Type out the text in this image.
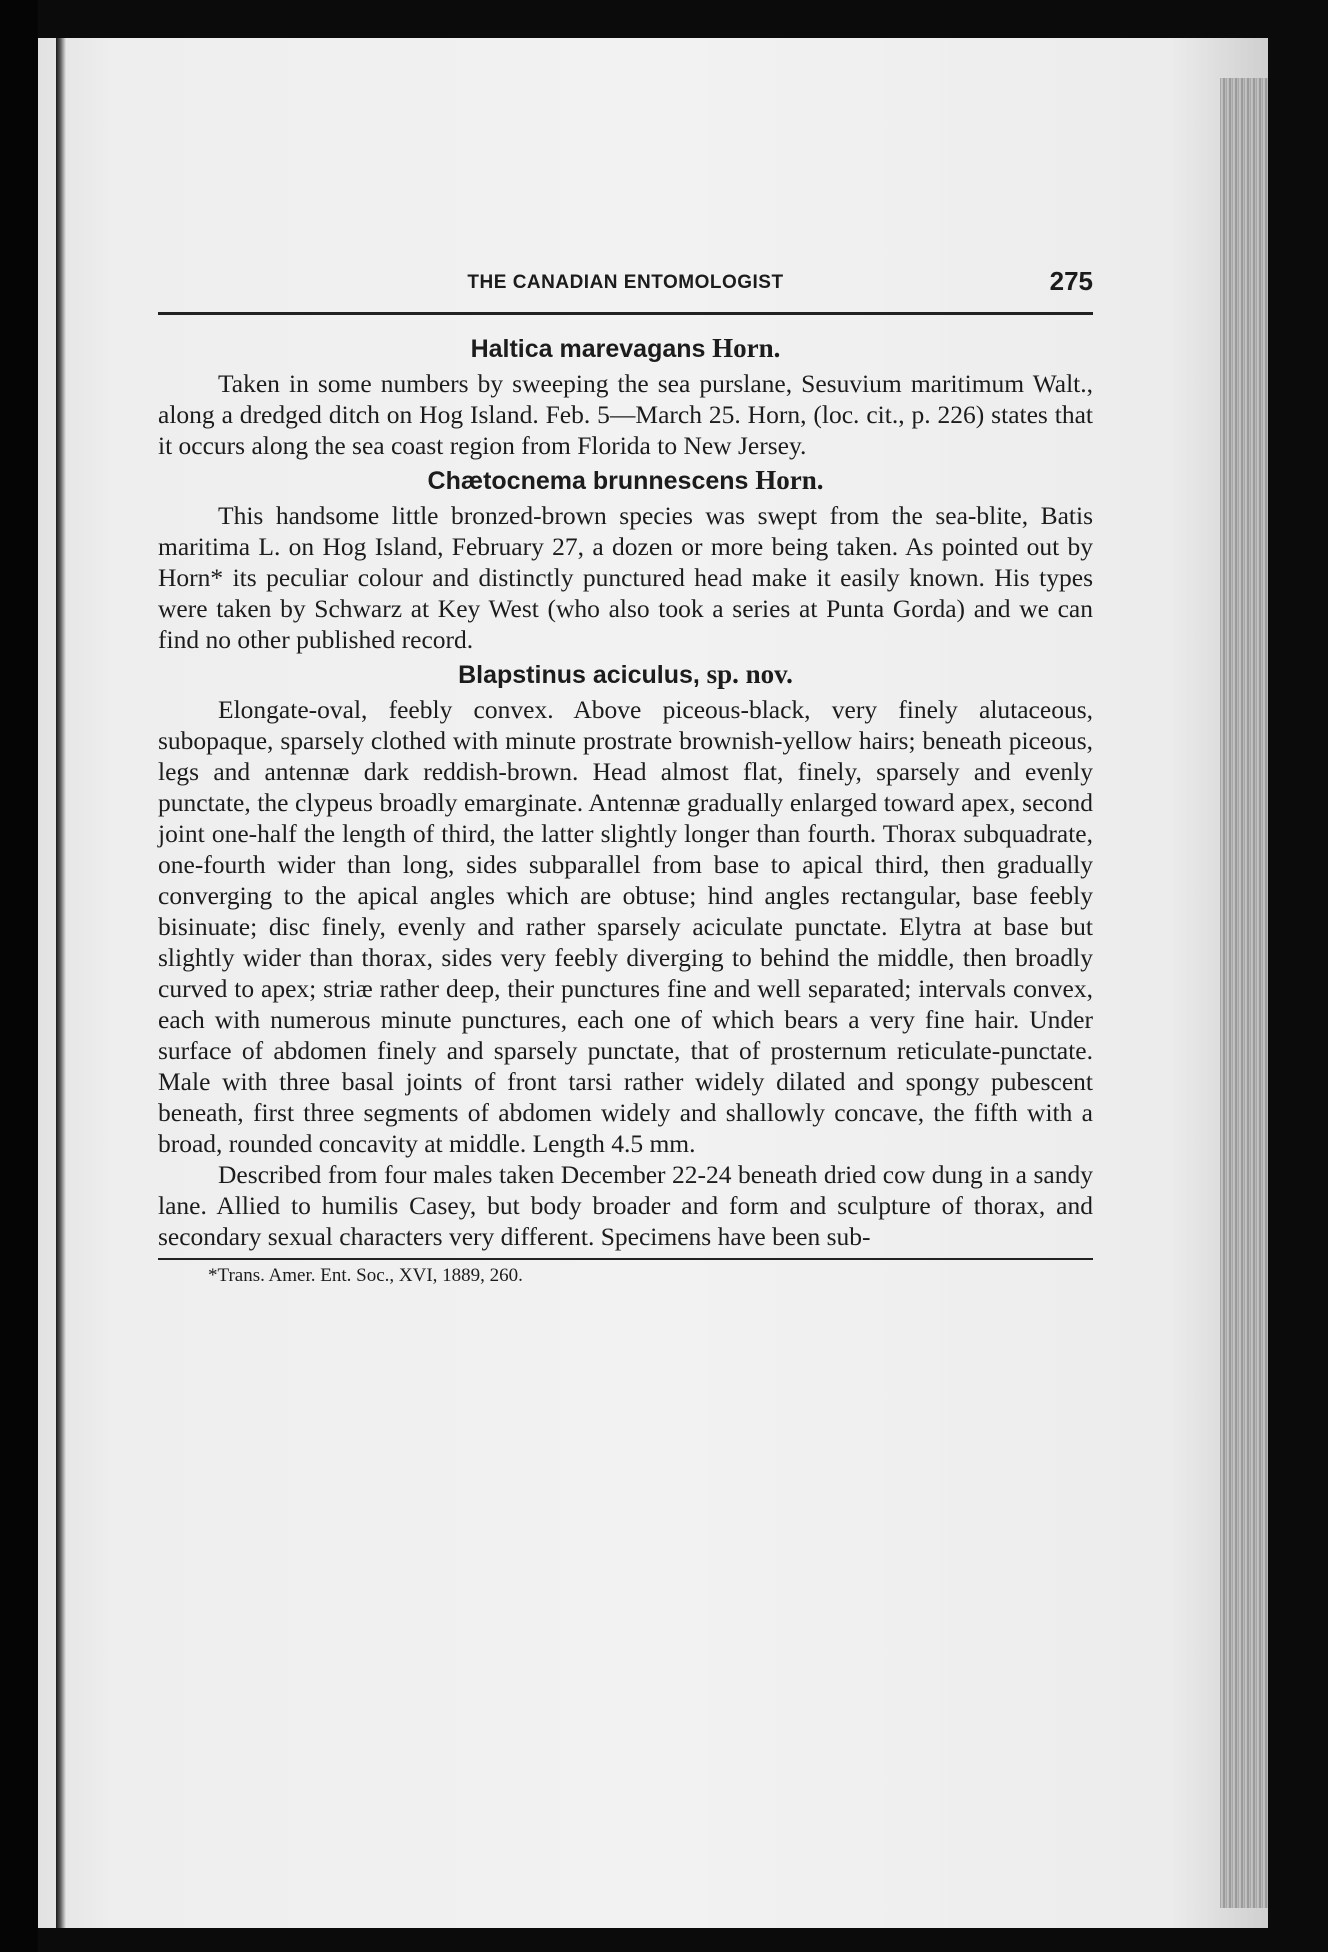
THE CANADIAN ENTOMOLOGIST	275
Haltica marevagans Horn.

Taken in some numbers by sweeping the sea purslane, Sesuvium maritimum Walt., along a dredged ditch on Hog Island. Feb. 5—March 25. Horn, (loc. cit., p. 226) states that it occurs along the sea coast region from Florida to New Jersey.

Chætocnema brunnescens Horn.

This handsome little bronzed-brown species was swept from the sea-blite, Batis maritima L. on Hog Island, February 27, a dozen or more being taken. As pointed out by Horn* its peculiar colour and distinctly punctured head make it easily known. His types were taken by Schwarz at Key West (who also took a series at Punta Gorda) and we can find no other published record.

Blapstinus aciculus, sp. nov.

Elongate-oval, feebly convex. Above piceous-black, very finely alutaceous, subopaque, sparsely clothed with minute prostrate brownish-yellow hairs; beneath piceous, legs and antennæ dark reddish-brown. Head almost flat, finely, sparsely and evenly punctate, the clypeus broadly emarginate. Antennæ gradually enlarged toward apex, second joint one-half the length of third, the latter slightly longer than fourth. Thorax subquadrate, one-fourth wider than long, sides subparallel from base to apical third, then gradually converging to the apical angles which are obtuse; hind angles rectangular, base feebly bisinuate; disc finely, evenly and rather sparsely aciculate punctate. Elytra at base but slightly wider than thorax, sides very feebly diverging to behind the middle, then broadly curved to apex; striæ rather deep, their punctures fine and well separated; intervals convex, each with numerous minute punctures, each one of which bears a very fine hair. Under surface of abdomen finely and sparsely punctate, that of prosternum reticulate-punctate. Male with three basal joints of front tarsi rather widely dilated and spongy pubescent beneath, first three segments of abdomen widely and shallowly concave, the fifth with a broad, rounded concavity at middle. Length 4.5 mm.

Described from four males taken December 22-24 beneath dried cow dung in a sandy lane. Allied to humilis Casey, but body broader and form and sculpture of thorax, and secondary sexual characters very different. Specimens have been sub-

*Trans. Amer. Ent. Soc., XVI, 1889, 260.
